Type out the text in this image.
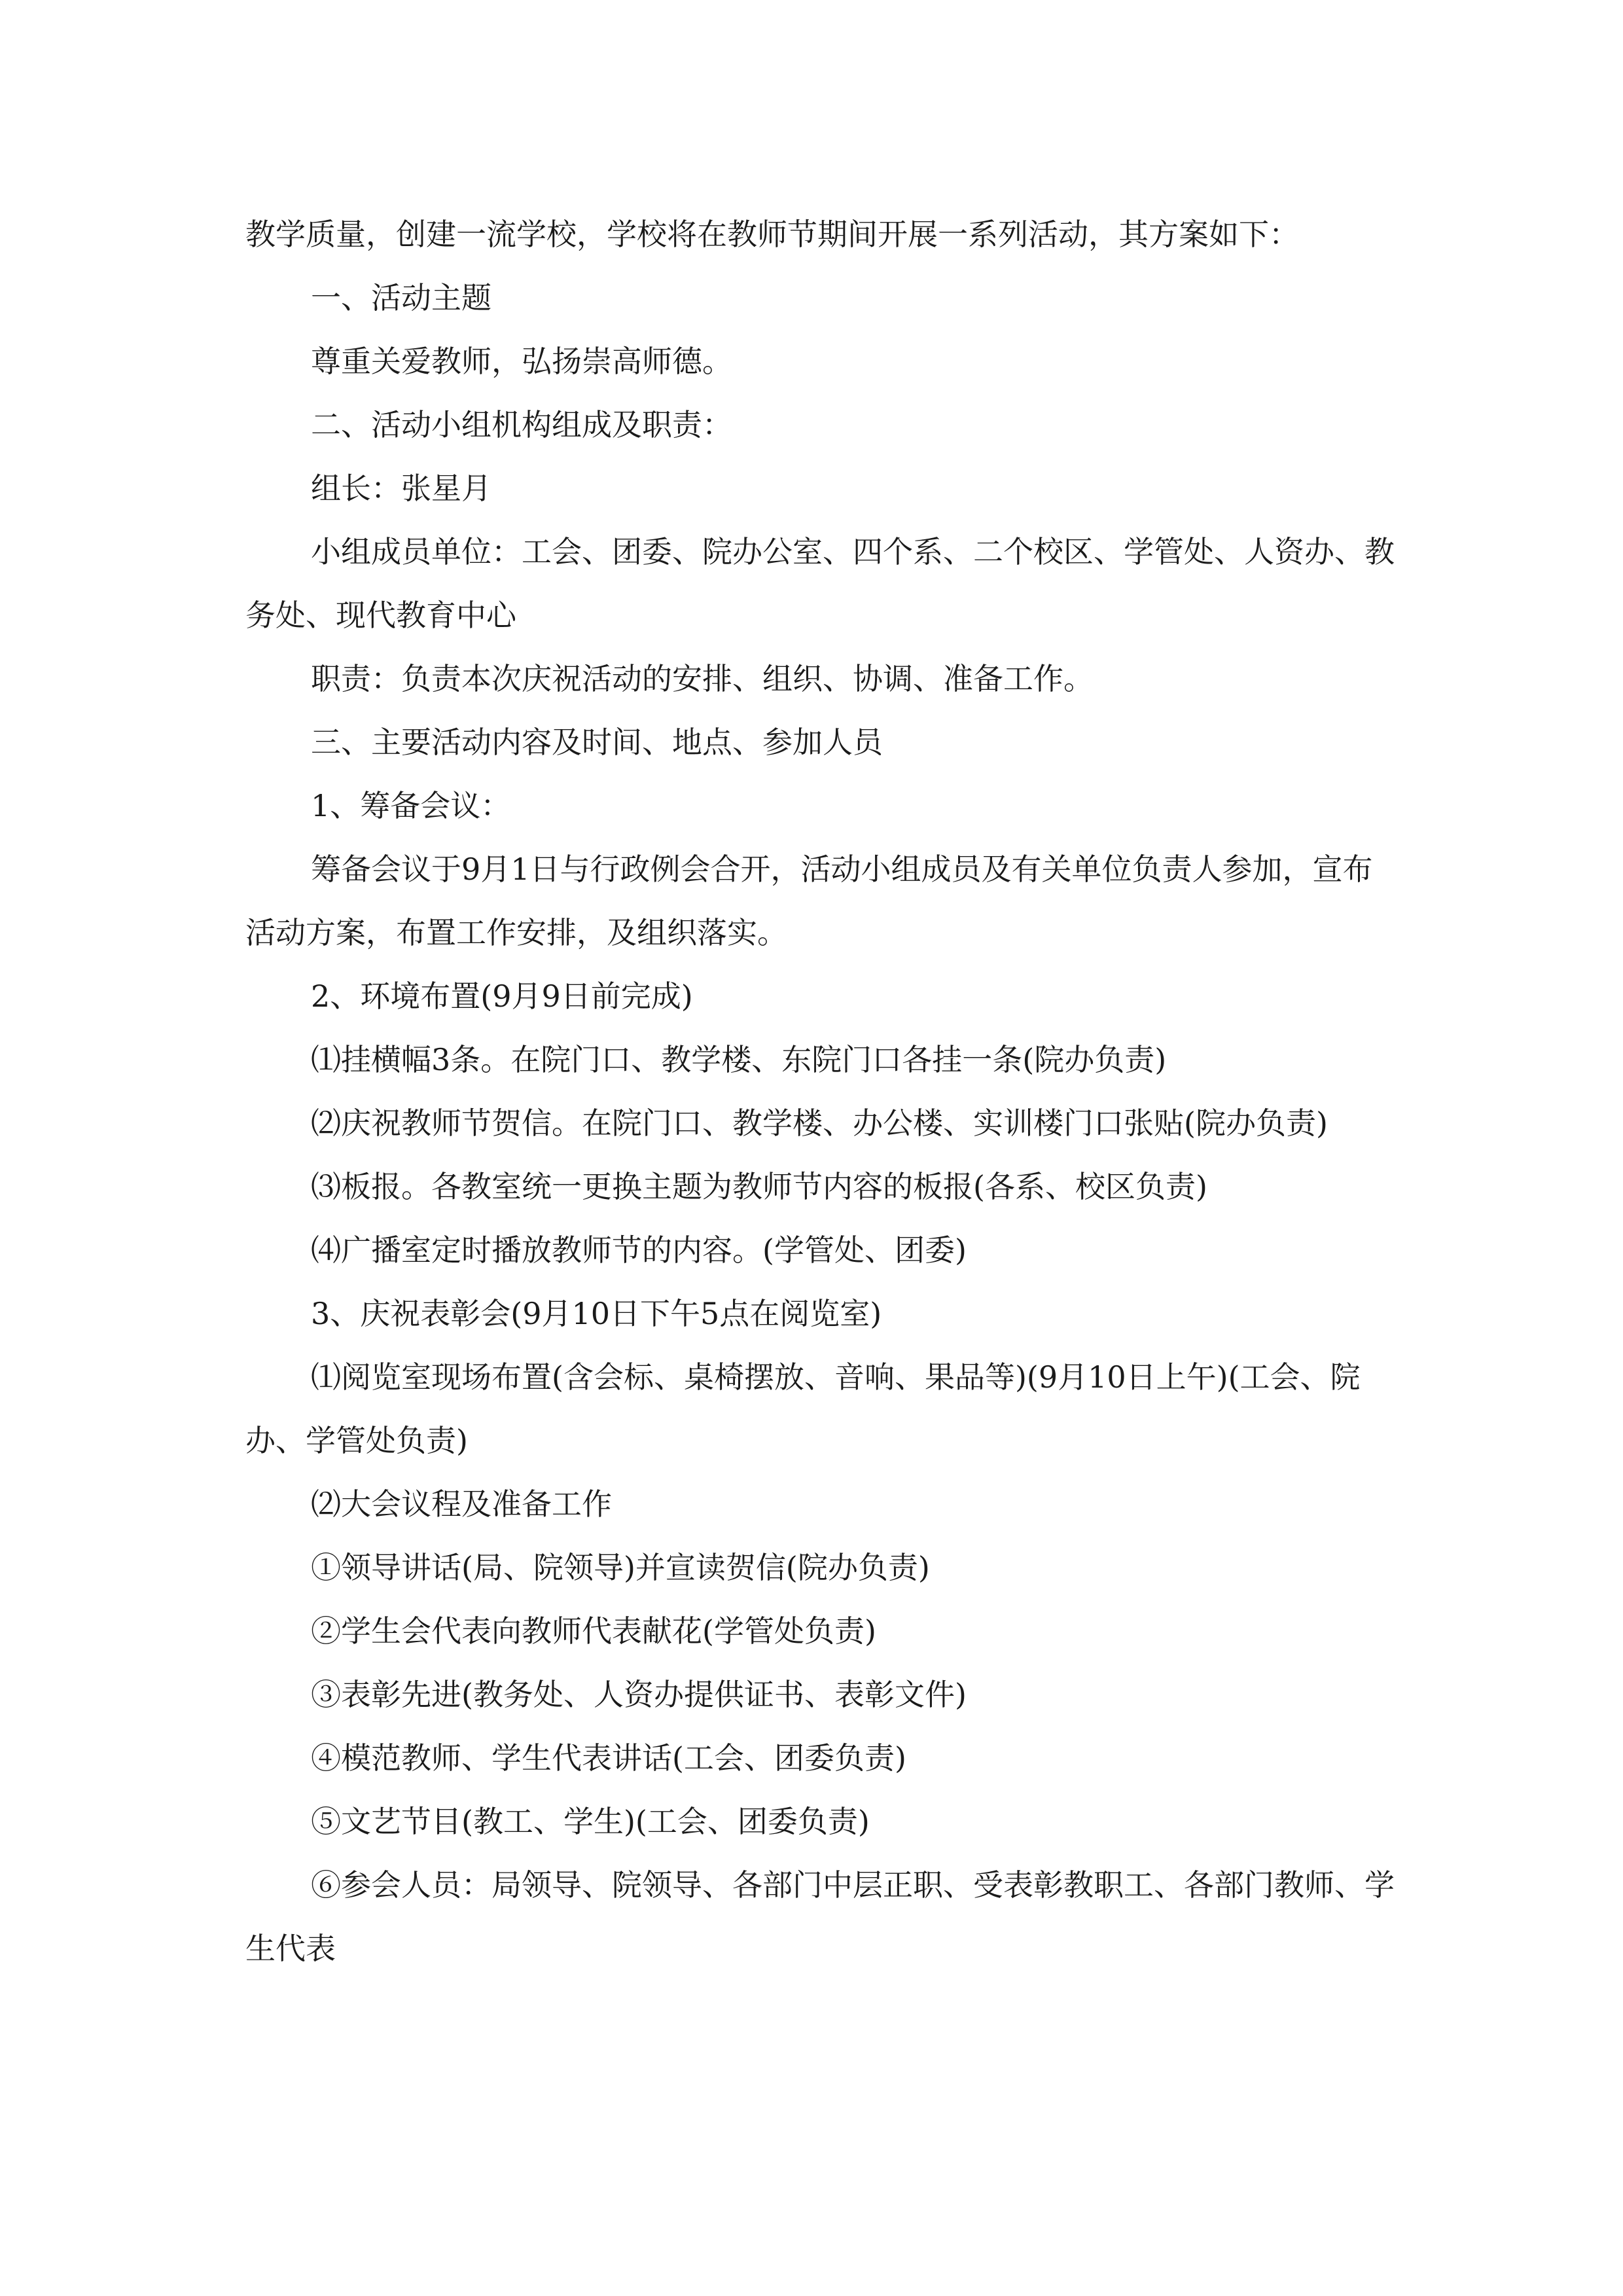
教学质量，创建一流学校，学校将在教师节期间开展一系列活动，其方案如下：

一、活动主题

尊重关爱教师，弘扬崇高师德。

二、活动小组机构组成及职责：

组长：张星月

小组成员单位：工会、团委、院办公室、四个系、二个校区、学管处、人资办、教务处、现代教育中心

职责：负责本次庆祝活动的安排、组织、协调、准备工作。

三、主要活动内容及时间、地点、参加人员

1、筹备会议：

筹备会议于9月1日与行政例会合开，活动小组成员及有关单位负责人参加，宣布活动方案，布置工作安排，及组织落实。

2、环境布置(9月9日前完成)

⑴挂横幅3条。在院门口、教学楼、东院门口各挂一条(院办负责)

⑵庆祝教师节贺信。在院门口、教学楼、办公楼、实训楼门口张贴(院办负责)

⑶板报。各教室统一更换主题为教师节内容的板报(各系、校区负责)

⑷广播室定时播放教师节的内容。(学管处、团委)

3、庆祝表彰会(9月10日下午5点在阅览室)

⑴阅览室现场布置(含会标、桌椅摆放、音响、果品等)(9月10日上午)(工会、院办、学管处负责)

⑵大会议程及准备工作

①领导讲话(局、院领导)并宣读贺信(院办负责)

②学生会代表向教师代表献花(学管处负责)

③表彰先进(教务处、人资办提供证书、表彰文件)

④模范教师、学生代表讲话(工会、团委负责)

⑤文艺节目(教工、学生)(工会、团委负责)

⑥参会人员：局领导、院领导、各部门中层正职、受表彰教职工、各部门教师、学生代表
